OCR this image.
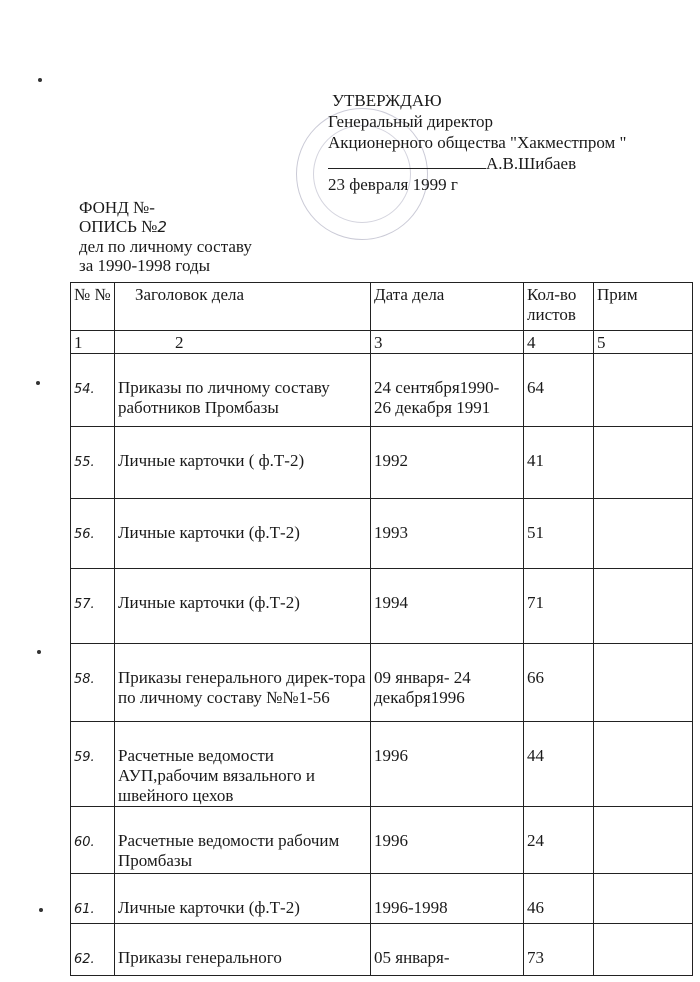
УТВЕРЖДАЮ
Генеральный директор
Акционерного общества "Хакместпром "
А.В.Шибаев
23 февраля 1999 г
ФОНД №-
ОПИСЬ №2
дел по личному составу
за 1990-1998 годы
№ №	Заголовок дела	Дата дела	Кол-во листов	Прим
1	2	3	4	5
54.	Приказы по личному составу работников Промбазы	24 сентября1990- 26 декабря 1991	64	
55.	Личные карточки ( ф.Т-2)	1992	41	
56.	Личные карточки (ф.Т-2)	1993	51	
57.	Личные карточки (ф.Т-2)	1994	71	
58.	Приказы генерального дирек-тора по личному составу №№1-56	09 января- 24 декабря1996	66	
59.	Расчетные ведомости АУП,рабочим вязального и швейного цехов	1996	44	
60.	Расчетные ведомости рабочим Промбазы	1996	24	
61.	Личные карточки (ф.Т-2)	1996-1998	46	
62.	Приказы генерального	05 января-	73	
